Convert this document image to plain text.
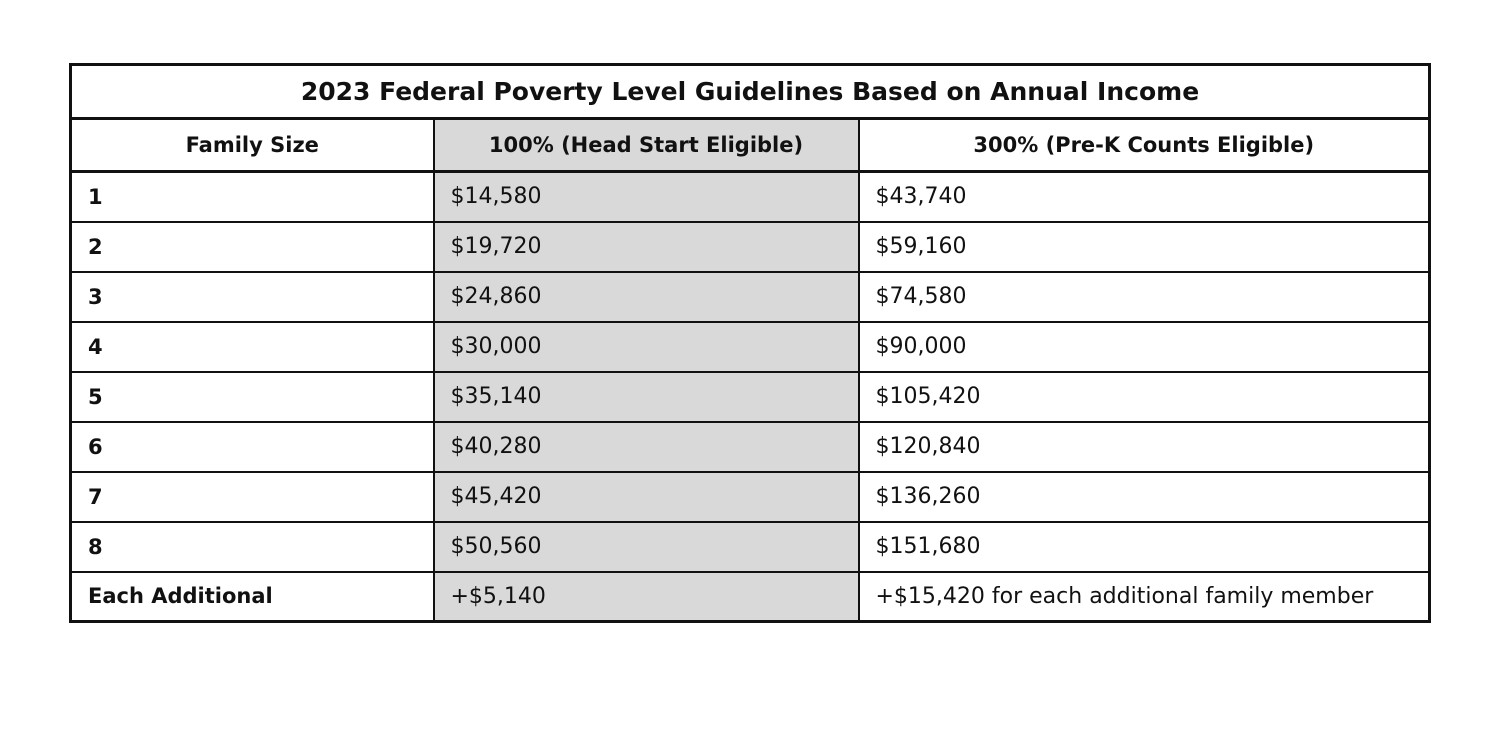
2023 Federal Poverty Level Guidelines Based on Annual Income		
Family Size	100% (Head Start Eligible)	300% (Pre-K Counts Eligible)
1	$14,580	$43,740
2	$19,720	$59,160
3	$24,860	$74,580
4	$30,000	$90,000
5	$35,140	$105,420
6	$40,280	$120,840
7	$45,420	$136,260
8	$50,560	$151,680
Each Additional	+$5,140	+$15,420 for each additional family member
